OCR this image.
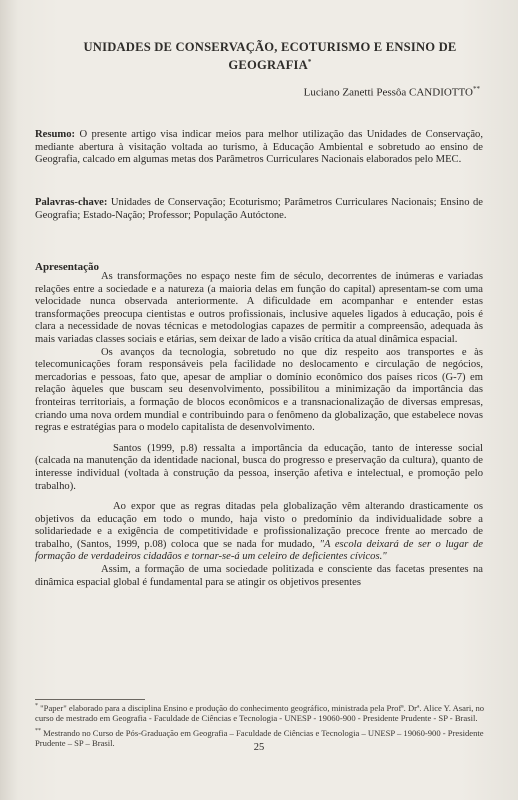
UNIDADES DE CONSERVAÇÃO, ECOTURISMO E ENSINO DE
GEOGRAFIA*
Luciano Zanetti Pessôa CANDIOTTO**
Resumo: O presente artigo visa indicar meios para melhor utilização das Unidades de Conservação, mediante abertura à visitação voltada ao turismo, à Educação Ambiental e sobretudo ao ensino de Geografia, calcado em algumas metas dos Parâmetros Curriculares Nacionais elaborados pelo MEC.
Palavras-chave: Unidades de Conservação; Ecoturismo; Parâmetros Curriculares Nacionais; Ensino de Geografia; Estado-Nação; Professor; População Autóctone.
Apresentação

As transformações no espaço neste fim de século, decorrentes de inúmeras e variadas relações entre a sociedade e a natureza (a maioria delas em função do capital) apresentam-se com uma velocidade nunca observada anteriormente. A dificuldade em acompanhar e entender estas transformações preocupa cientistas e outros profissionais, inclusive aqueles ligados à educação, pois é clara a necessidade de novas técnicas e metodologias capazes de permitir a compreensão, adequada às mais variadas classes sociais e etárias, sem deixar de lado a visão crítica da atual dinâmica espacial.

Os avanços da tecnologia, sobretudo no que diz respeito aos transportes e às telecomunicações foram responsáveis pela facilidade no deslocamento e circulação de negócios, mercadorias e pessoas, fato que, apesar de ampliar o domínio econômico dos países ricos (G-7) em relação àqueles que buscam seu desenvolvimento, possibilitou a minimização da importância das fronteiras territoriais, a formação de blocos econômicos e a transnacionalização de diversas empresas, criando uma nova ordem mundial e contribuindo para o fenômeno da globalização, que estabelece novas regras e estratégias para o modelo capitalista de desenvolvimento.

Santos (1999, p.8) ressalta a importância da educação, tanto de interesse social (calcada na manutenção da identidade nacional, busca do progresso e preservação da cultura), quanto de interesse individual (voltada à construção da pessoa, inserção afetiva e intelectual, e promoção pelo trabalho).

Ao expor que as regras ditadas pela globalização vêm alterando drasticamente os objetivos da educação em todo o mundo, haja visto o predomínio da individualidade sobre a solidariedade e a exigência de competitividade e profissionalização precoce frente ao mercado de trabalho, (Santos, 1999, p.08) coloca que se nada for mudado, "A escola deixará de ser o lugar de formação de verdadeiros cidadãos e tornar-se-á um celeiro de deficientes cívicos."

Assim, a formação de uma sociedade politizada e consciente das facetas presentes na dinâmica espacial global é fundamental para se atingir os objetivos presentes

* "Paper" elaborado para a disciplina Ensino e produção do conhecimento geográfico, ministrada pela Profª. Drª. Alice Y. Asari, no curso de mestrado em Geografia - Faculdade de Ciências e Tecnologia - UNESP - 19060-900 - Presidente Prudente - SP - Brasil.

** Mestrando no Curso de Pós-Graduação em Geografia – Faculdade de Ciências e Tecnologia – UNESP – 19060-900 - Presidente Prudente – SP – Brasil.	25
